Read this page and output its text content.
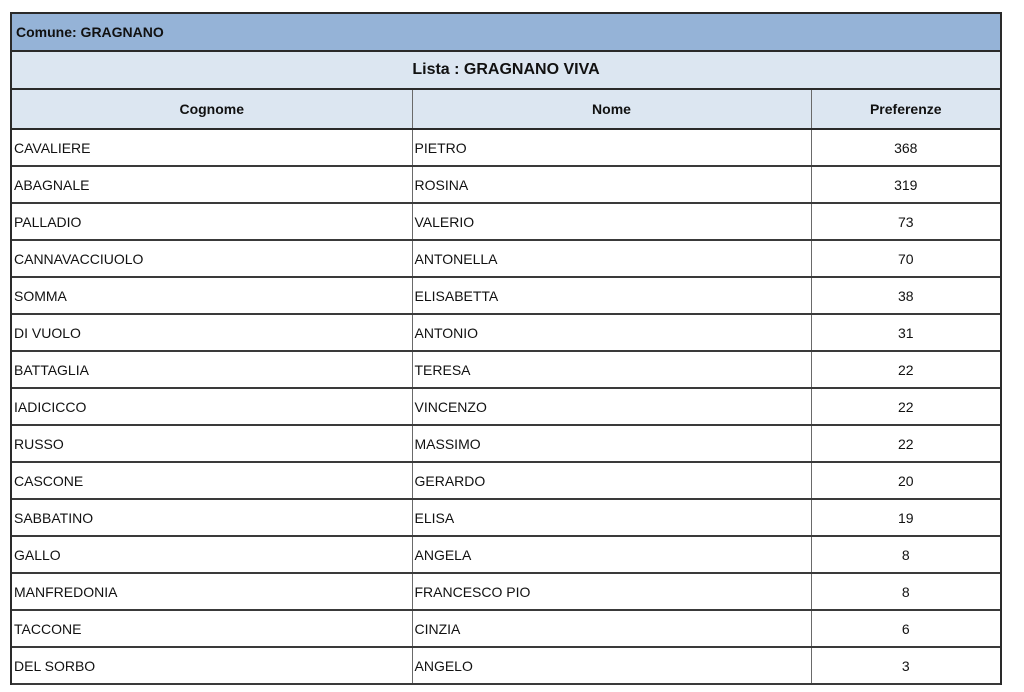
Comune: GRAGNANO
Lista : GRAGNANO VIVA
Cognome	Nome	Preferenze
CAVALIERE	PIETRO	368
ABAGNALE	ROSINA	319
PALLADIO	VALERIO	73
CANNAVACCIUOLO	ANTONELLA	70
SOMMA	ELISABETTA	38
DI VUOLO	ANTONIO	31
BATTAGLIA	TERESA	22
IADICICCO	VINCENZO	22
RUSSO	MASSIMO	22
CASCONE	GERARDO	20
SABBATINO	ELISA	19
GALLO	ANGELA	8
MANFREDONIA	FRANCESCO PIO	8
TACCONE	CINZIA	6
DEL SORBO	ANGELO	3
